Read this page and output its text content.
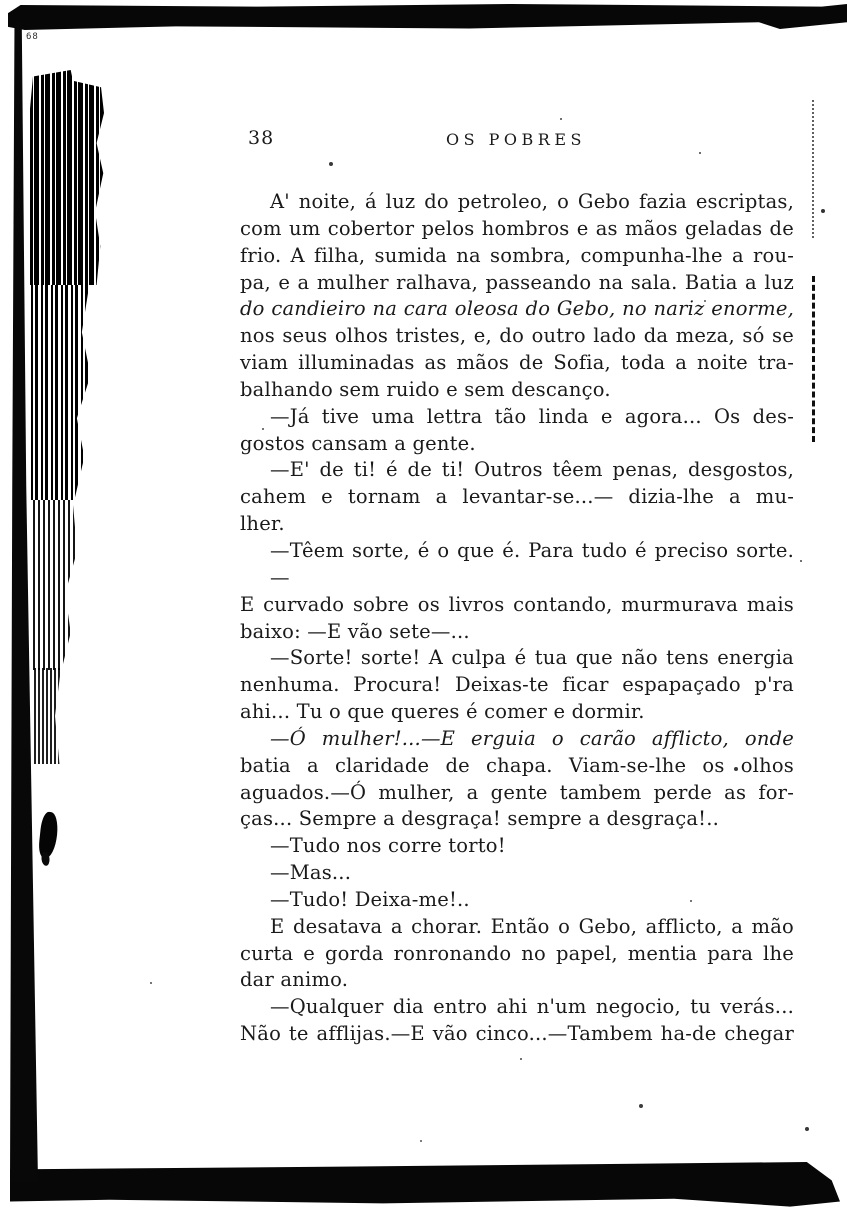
68
38	OS POBRES
A' noite, á luz do petroleo, o Gebo fazia escriptas,
com um cobertor pelos hombros e as mãos geladas de
frio. A filha, sumida na sombra, compunha-lhe a rou-
pa, e a mulher ralhava, passeando na sala. Batia a luz
do candieiro na cara oleosa do Gebo, no nariz enorme,
nos seus olhos tristes, e, do outro lado da meza, só se
viam illuminadas as mãos de Sofia, toda a noite tra-
balhando sem ruido e sem descanço.
—Já tive uma lettra tão linda e agora... Os des-
gostos cansam a gente.
—E' de ti! é de ti! Outros têem penas, desgostos,
cahem e tornam a levantar-se...— dizia-lhe a mu-
lher.
—Têem sorte, é o que é. Para tudo é preciso sorte.—
E curvado sobre os livros contando, murmurava mais
baixo: —E vão sete—...
—Sorte! sorte! A culpa é tua que não tens energia
nenhuma. Procura! Deixas-te ficar espapaçado p'ra
ahi... Tu o que queres é comer e dormir.
—Ó mulher!...—E erguia o carão afflicto, onde
batia a claridade de chapa. Viam-se-lhe os olhos
aguados.—Ó mulher, a gente tambem perde as for-
ças... Sempre a desgraça! sempre a desgraça!..
—Tudo nos corre torto!
—Mas...
—Tudo! Deixa-me!..
E desatava a chorar. Então o Gebo, afflicto, a mão
curta e gorda ronronando no papel, mentia para lhe
dar animo.
—Qualquer dia entro ahi n'um negocio, tu verás...
Não te afflijas.—E vão cinco...—Tambem ha-de chegar
